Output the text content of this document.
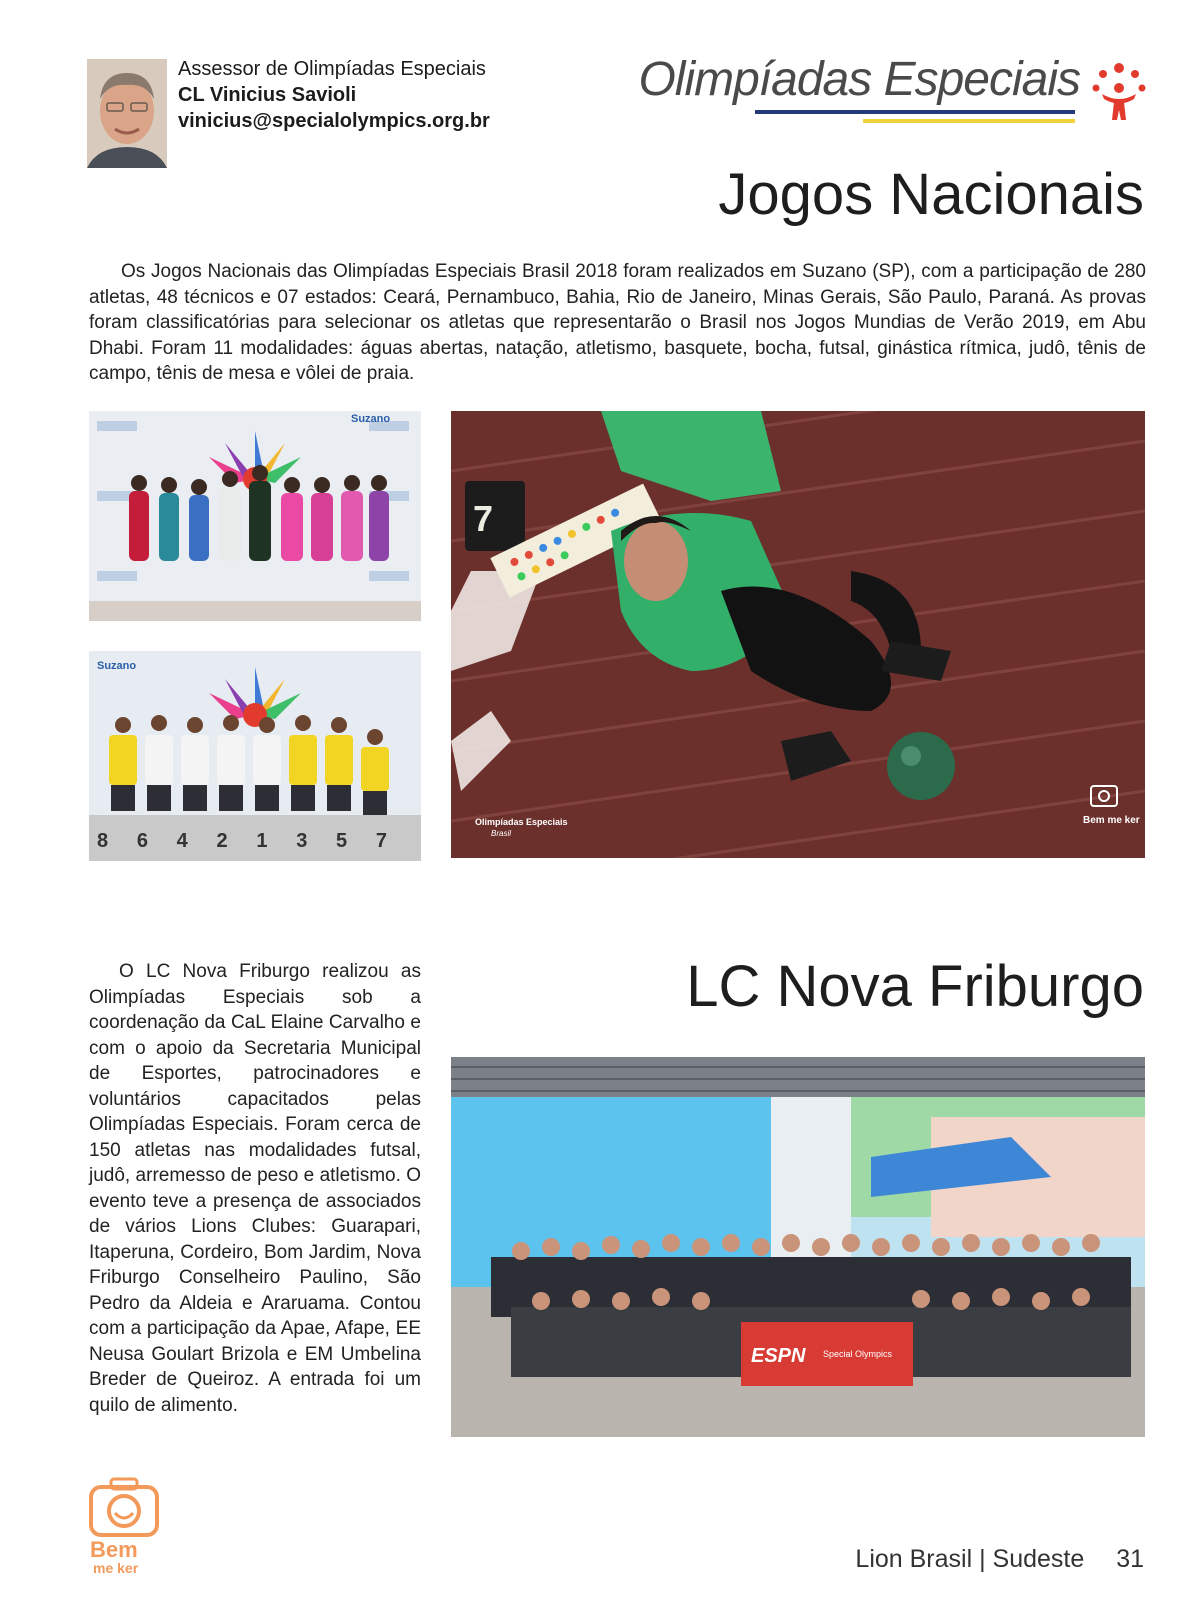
Assessor de Olimpíadas Especiais
CL Vinicius Savioli
vinicius@specialolympics.org.br
Olimpíadas Especiais
Jogos Nacionais

Os Jogos Nacionais das Olimpíadas Especiais Brasil 2018 foram realizados em Suzano (SP), com a participação de 280 atletas, 48 técnicos e 07 estados: Ceará, Pernambuco, Bahia, Rio de Janeiro, Minas Gerais, São Paulo, Paraná. As provas foram classificatórias para selecionar os atletas que representarão o Brasil nos Jogos Mundias de Verão 2019, em Abu Dhabi. Foram 11 modalidades: águas abertas, natação, atletismo, basquete, bocha, futsal, ginástica rítmica, judô, tênis de campo, tênis de mesa e vôlei de praia.

Suzano
8 6 4 2 1 3 5 7
Suzano
7
Olimpíadas Especiais
Brasil
Bem me ker

O LC Nova Friburgo realizou as Olimpíadas Especiais sob a coordenação da CaL Elaine Carvalho e com o apoio da Secretaria Municipal de Esportes, patrocinadores e voluntários capacitados pelas Olimpíadas Especiais. Foram cerca de 150 atletas nas modalidades futsal, judô, arremesso de peso e atletismo. O evento teve a presença de associados de vários Lions Clubes: Guarapari, Itaperuna, Cordeiro, Bom Jardim, Nova Friburgo Conselheiro Paulino, São Pedro da Aldeia e Araruama. Contou com a participação da Apae, Afape, EE Neusa Goulart Brizola e EM Umbelina Breder de Queiroz. A entrada foi um quilo de alimento.

LC Nova Friburgo
ESPN Special Olympics
Bem
me ker	Lion Brasil | Sudeste 31
